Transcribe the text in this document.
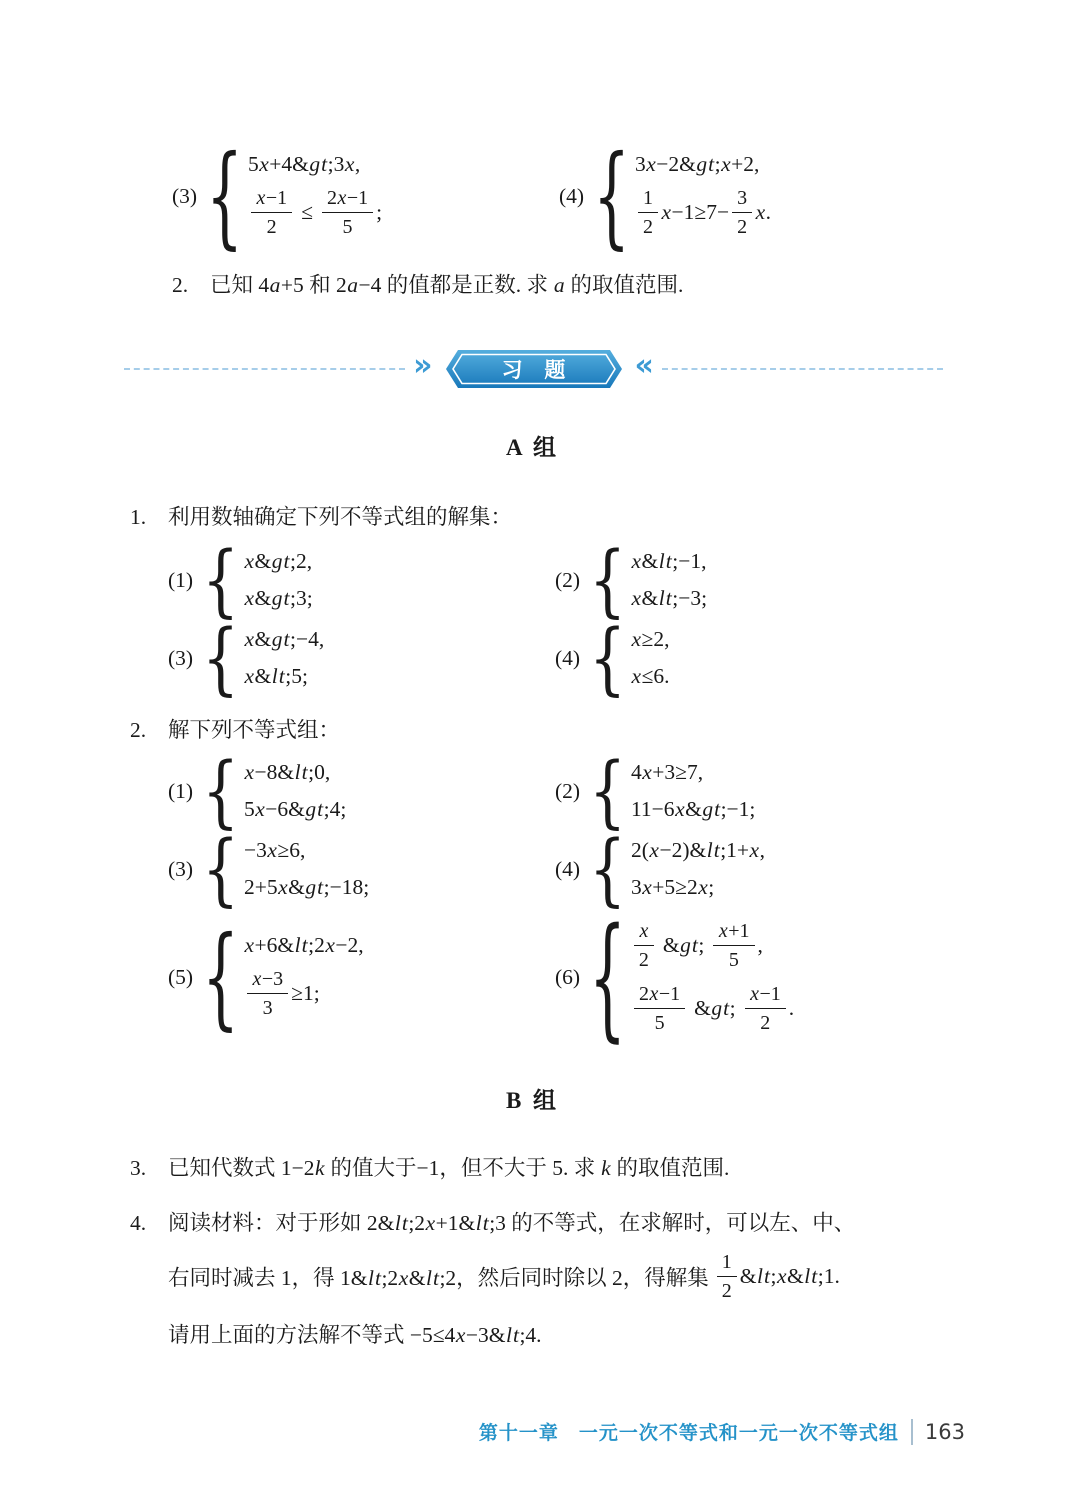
(3) { 5x+4&gt;3x,
$\frac{x-1}{2} \le \frac{2x-1}{5}$ ;
(4) { 3x−2&gt;x+2,
$\frac{1}{2} x-1\ge 7- \frac{3}{2} x$.
2.	已知 4a+5 和 2a−4 的值都是正数. 求 a 的取值范围.
»	习 题	«
A 组
1.	利用数轴确定下列不等式组的解集：
(1) { x&gt;2,
x&gt;3;
(2) { x&lt;−1,
x&lt;−3;
(3) { x&gt;−4,
x&lt;5;
(4) { x≥2,
x≤6.
2.	解下列不等式组：
(1) { x−8&lt;0,
5x−6&gt;4;
(2) { 4x+3≥7,
11−6x&gt;−1;
(3) { −3x≥6,
2+5x&gt;−18;
(4) { 2(x−2)&lt;1+x,
3x+5≥2x;
(5) { x+6&lt;2x−2,
$\frac{x-3}{3} \ge 1$;
(6) { $\frac{x}{2}$ &gt; $\frac{x+1}{5}$ ,
$\frac{2x-1}{5}$ &gt; $\frac{x-1}{2}$ .
B 组
3.	已知代数式 1−2k 的值大于−1，但不大于 5. 求 k 的取值范围.
4.	阅读材料：对于形如 2&lt;2x+1&lt;3 的不等式，在求解时，可以左、中、
右同时减去 1，得 1&lt;2x&lt;2，然后同时除以 2，得解集 $\frac{1}{2}$ &lt;x&lt;1.
请用上面的方法解不等式 −5≤4x−3&lt;4.
第十一章　一元一次不等式和一元一次不等式组 163
